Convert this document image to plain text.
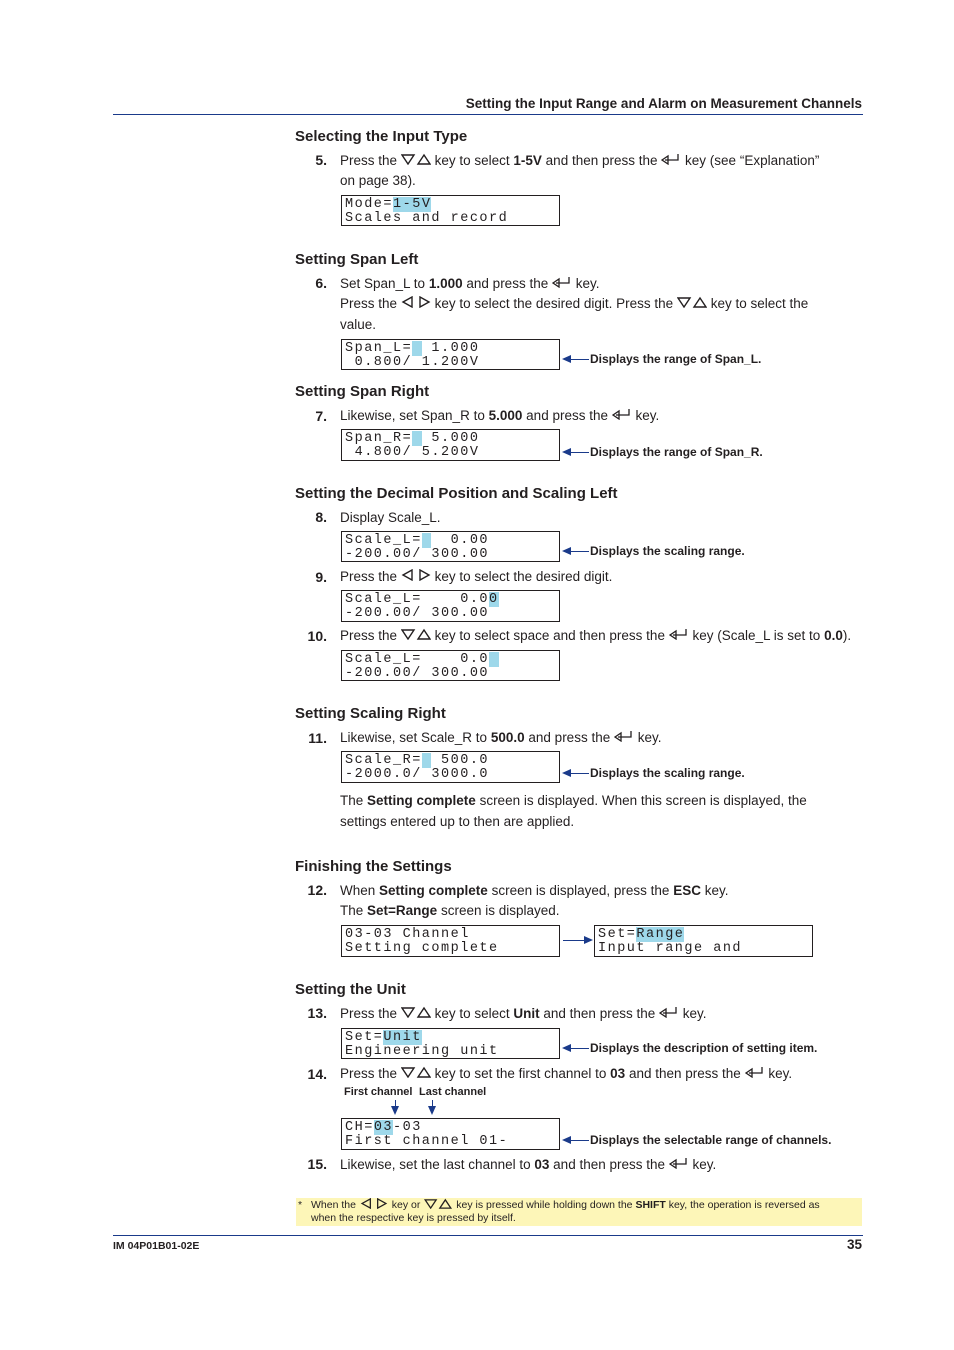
Setting the Input Range and Alarm on Measurement Channels
Selecting the Input Type
5. Press the	key to select 1-5V and then press the key (see “Explanation”
on page 38).
Mode=1-5V
Scales and record
Setting Span Left
6. Set Span_L to 1.000 and press the key.
Press the	key to select the desired digit. Press the	key to select the
value.
Span_L=  1.000
0.800/ 1.200V	Displays the range of Span_L.
Setting Span Right
7. Likewise, set Span_R to 5.000 and press the key.
Span_R=  5.000
4.800/ 5.200V	Displays the range of Span_R.
Setting the Decimal Position and Scaling Left
8. Display Scale_L.
Scale_L=   0.00
-200.00/ 300.00	Displays the scaling range.
9. Press the	key to select the desired digit.
Scale_L=    0.00
-200.00/ 300.00
10. Press the	key to select space and then press the key (Scale_L is set to 0.0).
Scale_L=    0.0
-200.00/ 300.00
Setting Scaling Right
11. Likewise, set Scale_R to 500.0 and press the key.
Scale_R=  500.0
-2000.0/ 3000.0	Displays the scaling range.
The Setting complete screen is displayed. When this screen is displayed, the
settings entered up to then are applied.
Finishing the Settings
12. When Setting complete screen is displayed, press the ESC key.
The Set=Range screen is displayed.
03-03 Channel
Setting complete
Set=Range
Input range and
Setting the Unit
13. Press the	key to select Unit and then press the key.
Set=Unit
Engineering unit	Displays the description of setting item.
14. Press the	key to set the first channel to 03 and then press the key.
First channel Last channel
CH=03-03
First channel 01-	Displays the selectable range of channels.
15. Likewise, set the last channel to 03 and then press the key.
* When the	key or	key is pressed while holding down the SHIFT key, the operation is reversed as
when the respective key is pressed by itself.
IM 04P01B01-02E	35
